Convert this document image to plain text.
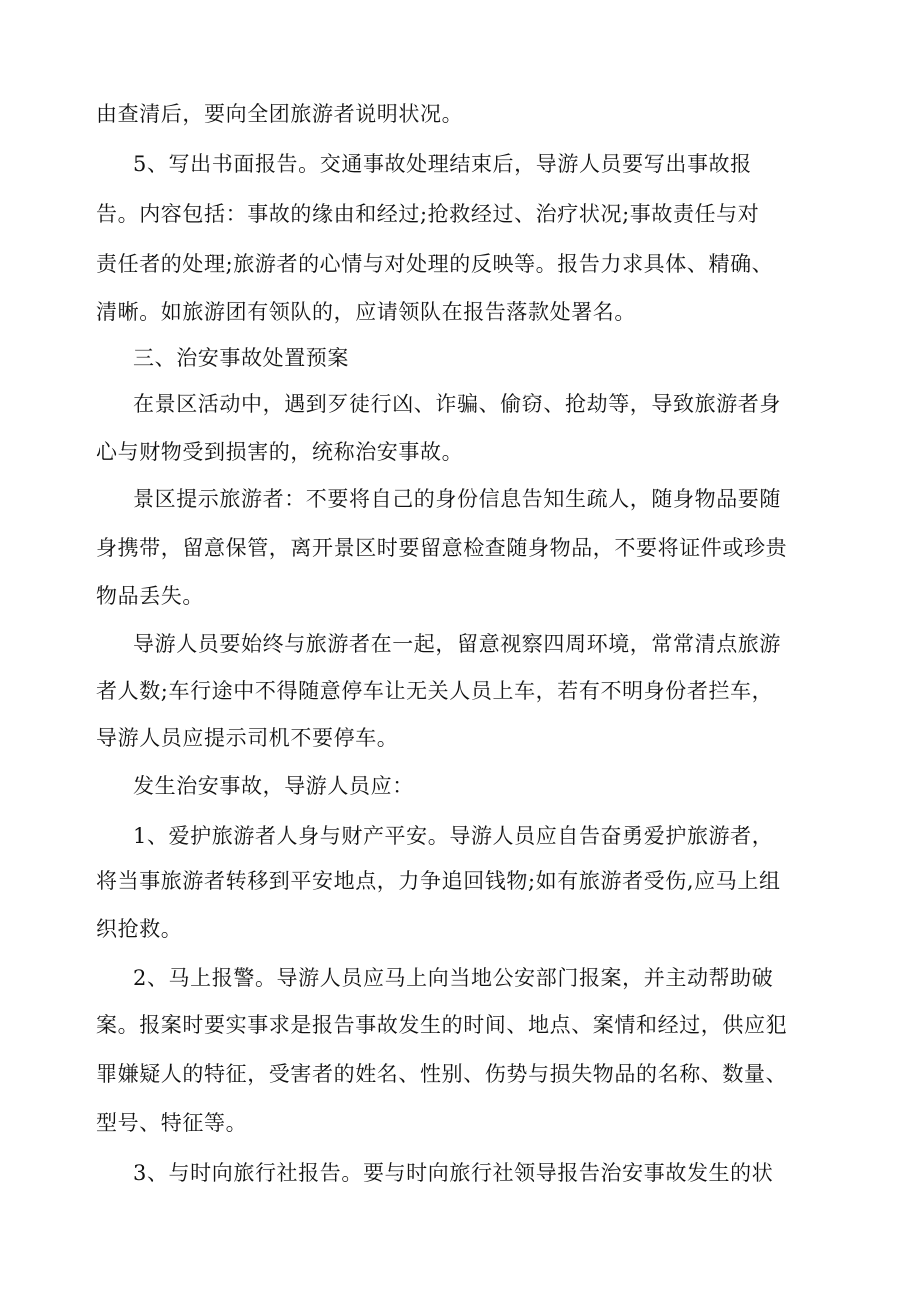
由查清后，要向全团旅游者说明状况。
5、写出书面报告。交通事故处理结束后，导游人员要写出事故报
告。内容包括：事故的缘由和经过;抢救经过、治疗状况;事故责任与对
责任者的处理;旅游者的心情与对处理的反映等。报告力求具体、精确、
清晰。如旅游团有领队的，应请领队在报告落款处署名。
三、治安事故处置预案
在景区活动中，遇到歹徒行凶、诈骗、偷窃、抢劫等，导致旅游者身
心与财物受到损害的，统称治安事故。
景区提示旅游者：不要将自己的身份信息告知生疏人，随身物品要随
身携带，留意保管，离开景区时要留意检查随身物品，不要将证件或珍贵
物品丢失。
导游人员要始终与旅游者在一起，留意视察四周环境，常常清点旅游
者人数;车行途中不得随意停车让无关人员上车，若有不明身份者拦车，
导游人员应提示司机不要停车。
发生治安事故，导游人员应：
1、爱护旅游者人身与财产平安。导游人员应自告奋勇爱护旅游者，
将当事旅游者转移到平安地点，力争追回钱物;如有旅游者受伤,应马上组
织抢救。
2、马上报警。导游人员应马上向当地公安部门报案，并主动帮助破
案。报案时要实事求是报告事故发生的时间、地点、案情和经过，供应犯
罪嫌疑人的特征，受害者的姓名、性别、伤势与损失物品的名称、数量、
型号、特征等。
3、与时向旅行社报告。要与时向旅行社领导报告治安事故发生的状
